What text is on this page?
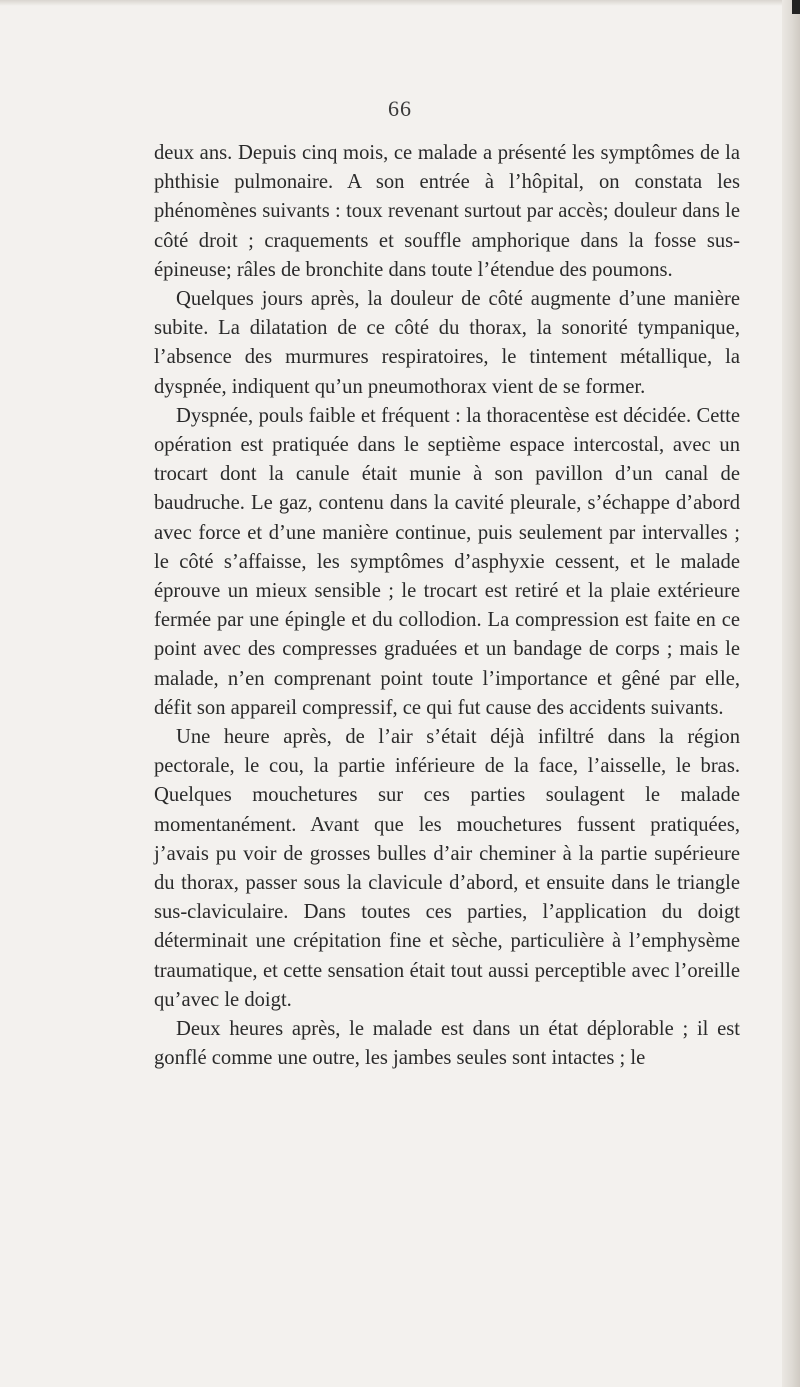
66

deux ans. Depuis cinq mois, ce malade a présenté les symptômes de la phthisie pulmonaire. A son entrée à l’hôpital, on constata les phénomènes suivants : toux revenant surtout par accès; douleur dans le côté droit ; craquements et souffle amphorique dans la fosse sus-épineuse; râles de bronchite dans toute l’étendue des poumons.

Quelques jours après, la douleur de côté augmente d’une manière subite. La dilatation de ce côté du thorax, la sonorité tympanique, l’absence des murmures respiratoires, le tintement métallique, la dyspnée, indiquent qu’un pneumothorax vient de se former.

Dyspnée, pouls faible et fréquent : la thoracentèse est décidée. Cette opération est pratiquée dans le septième espace intercostal, avec un trocart dont la canule était munie à son pavillon d’un canal de baudruche. Le gaz, contenu dans la cavité pleurale, s’échappe d’abord avec force et d’une manière continue, puis seulement par intervalles ; le côté s’affaisse, les symptômes d’asphyxie cessent, et le malade éprouve un mieux sensible ; le trocart est retiré et la plaie extérieure fermée par une épingle et du collodion. La compression est faite en ce point avec des compresses graduées et un bandage de corps ; mais le malade, n’en comprenant point toute l’importance et gêné par elle, défit son appareil compressif, ce qui fut cause des accidents suivants.

Une heure après, de l’air s’était déjà infiltré dans la région pectorale, le cou, la partie inférieure de la face, l’aisselle, le bras. Quelques mouchetures sur ces parties soulagent le malade momentanément. Avant que les mouchetures fussent pratiquées, j’avais pu voir de grosses bulles d’air cheminer à la partie supérieure du thorax, passer sous la clavicule d’abord, et ensuite dans le triangle sus-claviculaire. Dans toutes ces parties, l’application du doigt déterminait une crépitation fine et sèche, particulière à l’emphysème traumatique, et cette sensation était tout aussi perceptible avec l’oreille qu’avec le doigt.

Deux heures après, le malade est dans un état déplorable ; il est gonflé comme une outre, les jambes seules sont intactes ; le
